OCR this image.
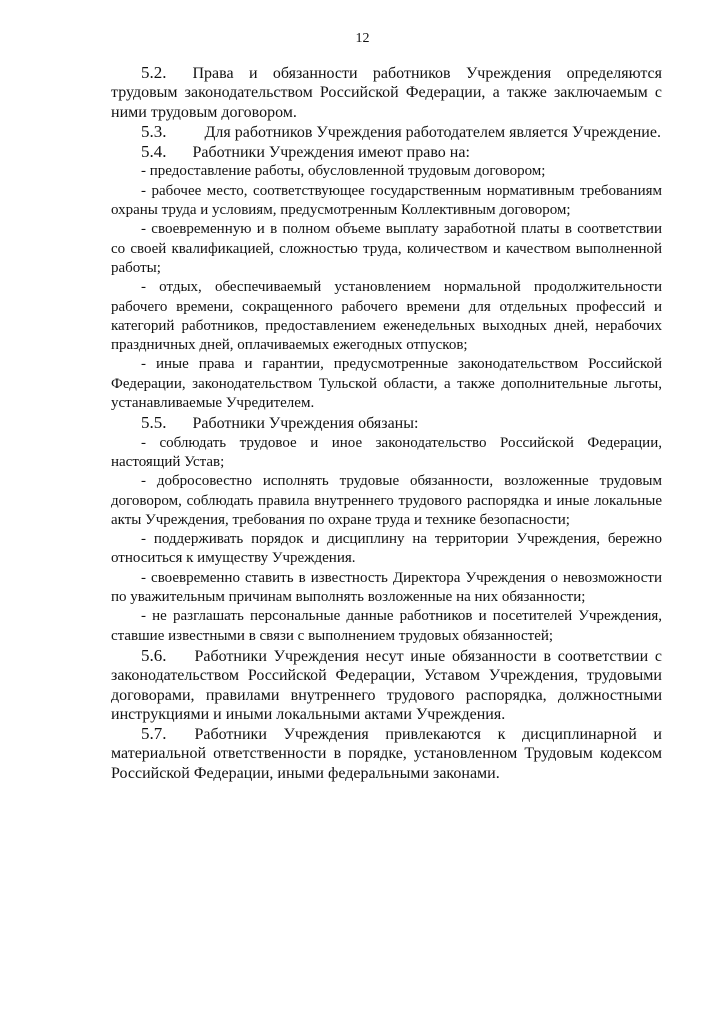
12

5.2. Права и обязанности работников Учреждения определяются трудовым законодательством Российской Федерации, а также заключаемым с ними трудовым договором.

5.3. Для работников Учреждения работодателем является Учреждение.

5.4. Работники Учреждения имеют право на:

- предоставление работы, обусловленной трудовым договором;

- рабочее место, соответствующее государственным нормативным требованиям охраны труда и условиям, предусмотренным Коллективным договором;

- своевременную и в полном объеме выплату заработной платы в соответствии со своей квалификацией, сложностью труда, количеством и качеством выполненной работы;

- отдых, обеспечиваемый установлением нормальной продолжительности рабочего времени, сокращенного рабочего времени для отдельных профессий и категорий работников, предоставлением еженедельных выходных дней, нерабочих праздничных дней, оплачиваемых ежегодных отпусков;

- иные права и гарантии, предусмотренные законодательством Российской Федерации, законодательством Тульской области, а также дополнительные льготы, устанавливаемые Учредителем.

5.5. Работники Учреждения обязаны:

- соблюдать трудовое и иное законодательство Российской Федерации, настоящий Устав;

- добросовестно исполнять трудовые обязанности, возложенные трудовым договором, соблюдать правила внутреннего трудового распорядка и иные локальные акты Учреждения, требования по охране труда и технике безопасности;

- поддерживать порядок и дисциплину на территории Учреждения, бережно относиться к имуществу Учреждения.

- своевременно ставить в известность Директора Учреждения о невозможности по уважительным причинам выполнять возложенные на них обязанности;

- не разглашать персональные данные работников и посетителей Учреждения, ставшие известными в связи с выполнением трудовых обязанностей;

5.6. Работники Учреждения несут иные обязанности в соответствии с законодательством Российской Федерации, Уставом Учреждения, трудовыми договорами, правилами внутреннего трудового распорядка, должностными инструкциями и иными локальными актами Учреждения.

5.7. Работники Учреждения привлекаются к дисциплинарной и материальной ответственности в порядке, установленном Трудовым кодексом Российской Федерации, иными федеральными законами.
